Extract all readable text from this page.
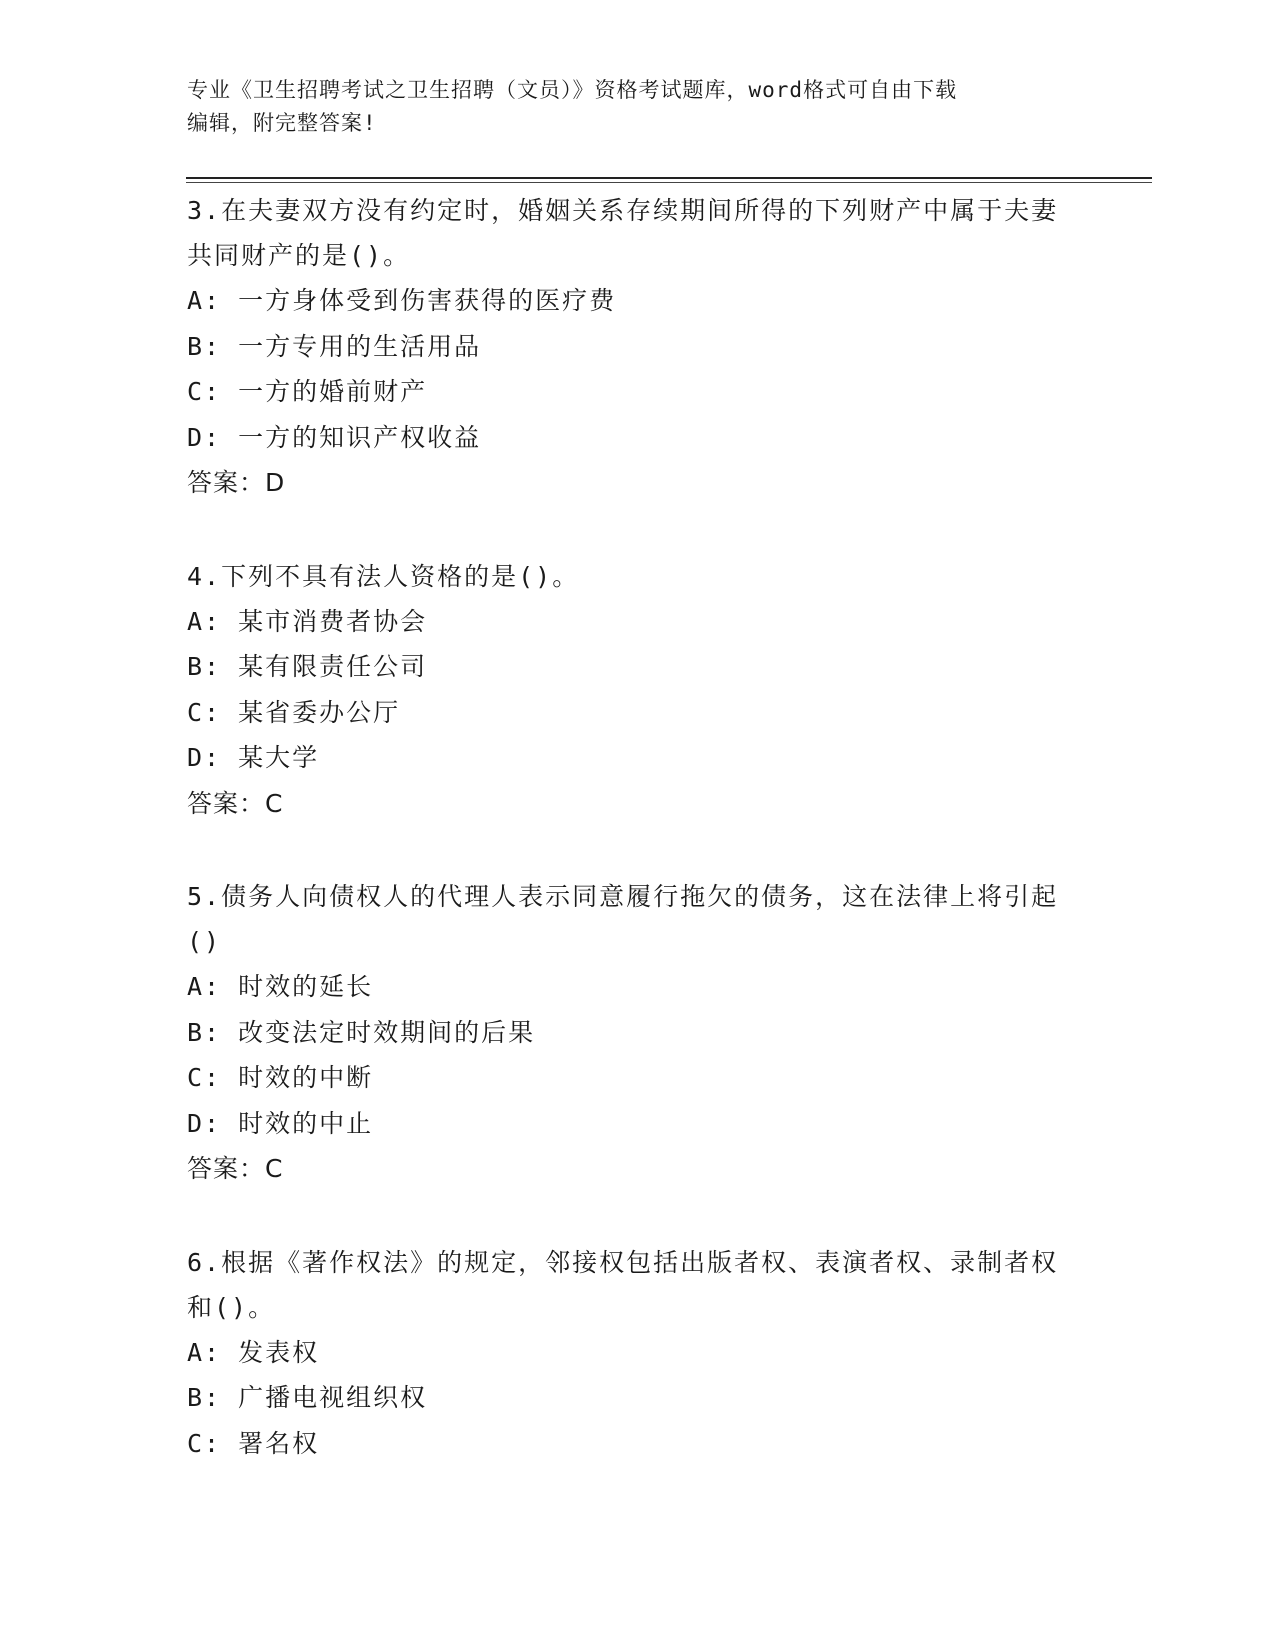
专业《卫生招聘考试之卫生招聘（文员）》资格考试题库，word格式可自由下载
编辑，附完整答案!

3.在夫妻双方没有约定时，婚姻关系存续期间所得的下列财产中属于夫妻共同财产的是()。

A: 一方身体受到伤害获得的医疗费

B: 一方专用的生活用品

C: 一方的婚前财产

D: 一方的知识产权收益

答案：D

4.下列不具有法人资格的是()。

A: 某市消费者协会

B: 某有限责任公司

C: 某省委办公厅

D: 某大学

答案：C

5.债务人向债权人的代理人表示同意履行拖欠的债务，这在法律上将引起()

A: 时效的延长

B: 改变法定时效期间的后果

C: 时效的中断

D: 时效的中止

答案：C

6.根据《著作权法》的规定，邻接权包括出版者权、表演者权、录制者权和()。

A: 发表权

B: 广播电视组织权

C: 署名权
